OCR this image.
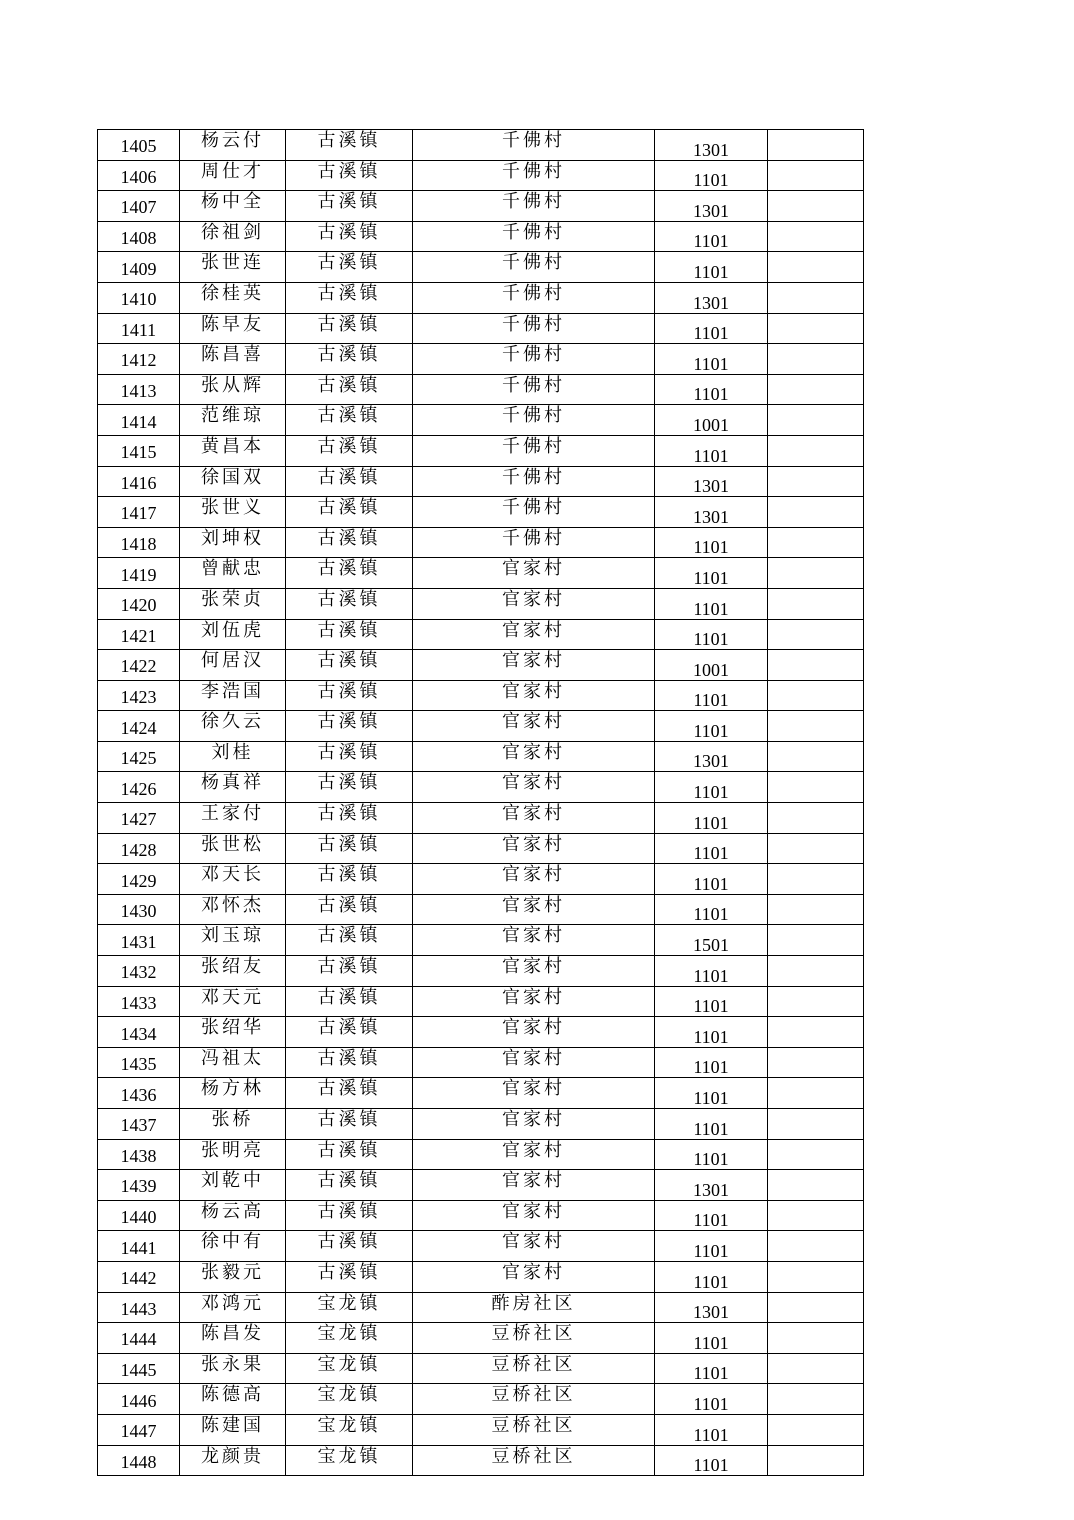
1405	杨云付	古溪镇	千佛村	1301	
1406	周仕才	古溪镇	千佛村	1101	
1407	杨中全	古溪镇	千佛村	1301	
1408	徐祖剑	古溪镇	千佛村	1101	
1409	张世连	古溪镇	千佛村	1101	
1410	徐桂英	古溪镇	千佛村	1301	
1411	陈早友	古溪镇	千佛村	1101	
1412	陈昌喜	古溪镇	千佛村	1101	
1413	张从辉	古溪镇	千佛村	1101	
1414	范维琼	古溪镇	千佛村	1001	
1415	黄昌本	古溪镇	千佛村	1101	
1416	徐国双	古溪镇	千佛村	1301	
1417	张世义	古溪镇	千佛村	1301	
1418	刘坤权	古溪镇	千佛村	1101	
1419	曾献忠	古溪镇	官家村	1101	
1420	张荣贞	古溪镇	官家村	1101	
1421	刘伍虎	古溪镇	官家村	1101	
1422	何居汉	古溪镇	官家村	1001	
1423	李浩国	古溪镇	官家村	1101	
1424	徐久云	古溪镇	官家村	1101	
1425	刘桂	古溪镇	官家村	1301	
1426	杨真祥	古溪镇	官家村	1101	
1427	王家付	古溪镇	官家村	1101	
1428	张世松	古溪镇	官家村	1101	
1429	邓天长	古溪镇	官家村	1101	
1430	邓怀杰	古溪镇	官家村	1101	
1431	刘玉琼	古溪镇	官家村	1501	
1432	张绍友	古溪镇	官家村	1101	
1433	邓天元	古溪镇	官家村	1101	
1434	张绍华	古溪镇	官家村	1101	
1435	冯祖太	古溪镇	官家村	1101	
1436	杨方林	古溪镇	官家村	1101	
1437	张桥	古溪镇	官家村	1101	
1438	张明亮	古溪镇	官家村	1101	
1439	刘乾中	古溪镇	官家村	1301	
1440	杨云高	古溪镇	官家村	1101	
1441	徐中有	古溪镇	官家村	1101	
1442	张毅元	古溪镇	官家村	1101	
1443	邓鸿元	宝龙镇	酢房社区	1301	
1444	陈昌发	宝龙镇	豆桥社区	1101	
1445	张永果	宝龙镇	豆桥社区	1101	
1446	陈德高	宝龙镇	豆桥社区	1101	
1447	陈建国	宝龙镇	豆桥社区	1101	
1448	龙颜贵	宝龙镇	豆桥社区	1101	
